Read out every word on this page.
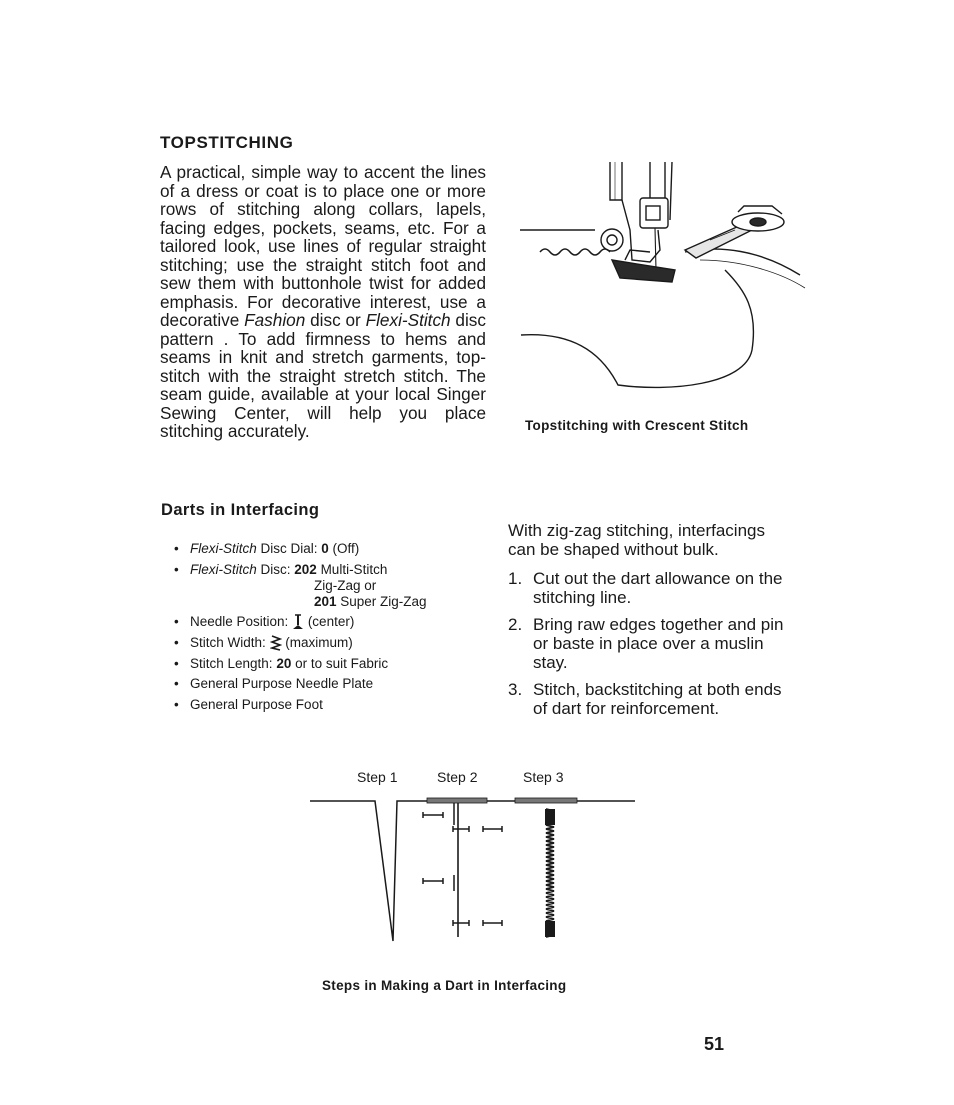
TOPSTITCHING

A practical, simple way to accent the lines of a dress or coat is to place one or more rows of stitching along collars, lapels, facing edges, pockets, seams, etc. For a tailored look, use lines of regular straight stitching; use the straight stitch foot and sew them with buttonhole twist for added emphasis. For decorative interest, use a decorative Fashion disc or Flexi-Stitch disc pattern . To add firmness to hems and seams in knit and stretch garments, top-stitch with the straight stretch stitch. The seam guide, available at your local Singer Sewing Center, will help you place stitching accurately.	Topstitching with Crescent Stitch
Darts in Interfacing
• Flexi-Stitch Disc Dial: 0 (Off)
• Flexi-Stitch Disc: 202 Multi-Stitch
Zig-Zag or
201 Super Zig-Zag
• Needle Position:  (center)
• Stitch Width:  (maximum)
• Stitch Length: 20 or to suit Fabric
• General Purpose Needle Plate
• General Purpose Foot

With zig-zag stitching, interfacings can be shaped without bulk.

1. Cut out the dart allowance on the stitching line.
2. Bring raw edges together and pin or baste in place over a muslin stay.
3. Stitch, backstitching at both ends of dart for reinforcement.
Step 1	Step 2	Step 3
Steps in Making a Dart in Interfacing
51
